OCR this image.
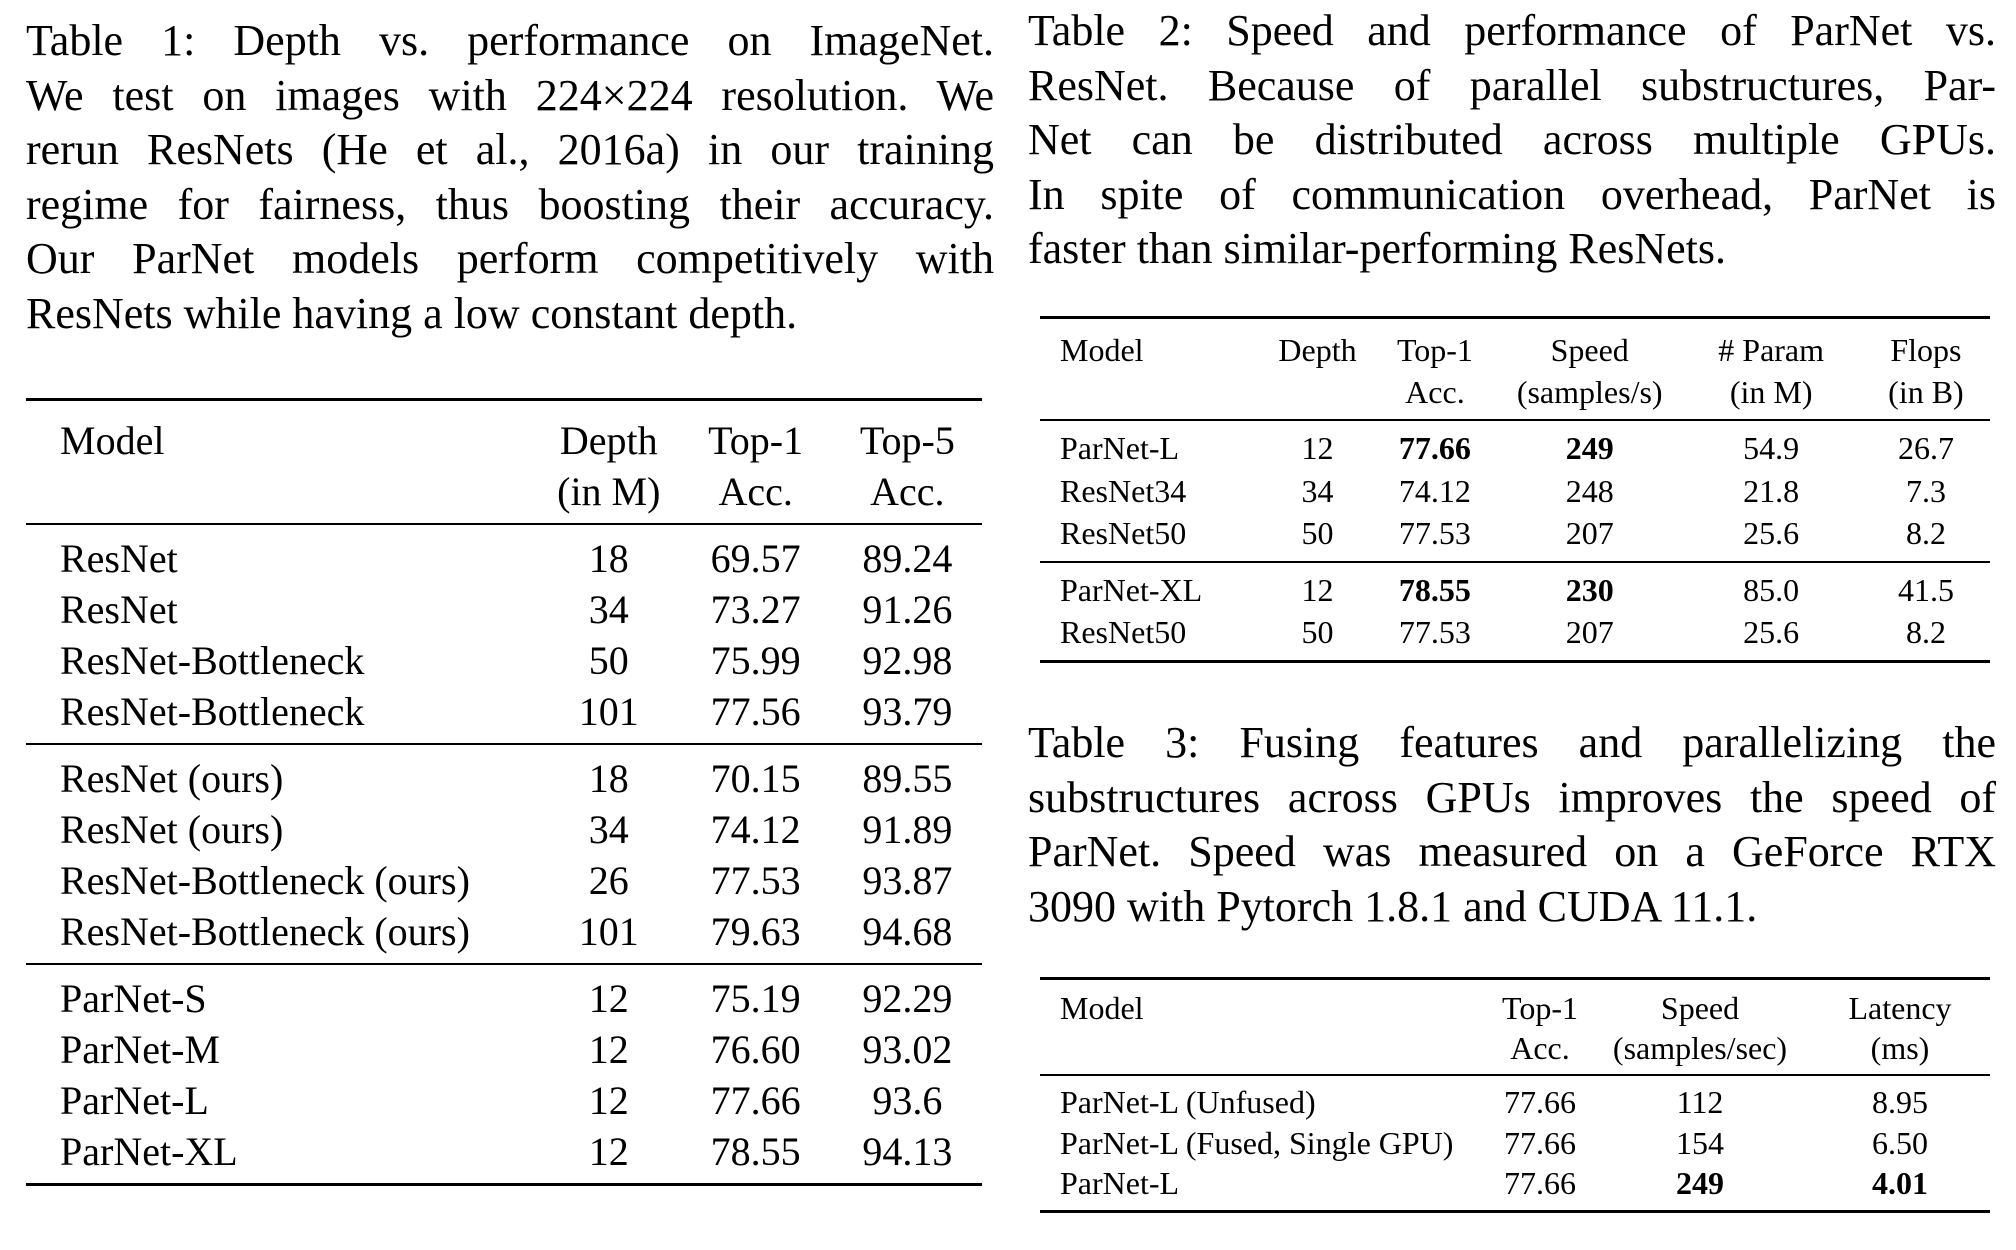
Table 1: Depth vs. performance on ImageNet.
We test on images with 224×224 resolution. We
rerun ResNets (He et al., 2016a) in our training
regime for fairness, thus boosting their accuracy.
Our ParNet models perform competitively with
ResNets while having a low constant depth.
Model	Depth	Top-1	Top-5
	(in M)	Acc.	Acc.
ResNet	18	69.57	89.24
ResNet	34	73.27	91.26
ResNet-Bottleneck	50	75.99	92.98
ResNet-Bottleneck	101	77.56	93.79
ResNet (ours)	18	70.15	89.55
ResNet (ours)	34	74.12	91.89
ResNet-Bottleneck (ours)	26	77.53	93.87
ResNet-Bottleneck (ours)	101	79.63	94.68
ParNet-S	12	75.19	92.29
ParNet-M	12	76.60	93.02
ParNet-L	12	77.66	93.6
ParNet-XL	12	78.55	94.13
Table 2: Speed and performance of ParNet vs.
ResNet. Because of parallel substructures, Par-
Net can be distributed across multiple GPUs.
In spite of communication overhead, ParNet is
faster than similar-performing ResNets.
Model	Depth	Top-1	Speed	# Param	Flops
		Acc.	(samples/s)	(in M)	(in B)
ParNet-L	12	77.66	249	54.9	26.7
ResNet34	34	74.12	248	21.8	7.3
ResNet50	50	77.53	207	25.6	8.2
ParNet-XL	12	78.55	230	85.0	41.5
ResNet50	50	77.53	207	25.6	8.2
Table 3: Fusing features and parallelizing the
substructures across GPUs improves the speed of
ParNet. Speed was measured on a GeForce RTX
3090 with Pytorch 1.8.1 and CUDA 11.1.
Model	Top-1	Speed	Latency
	Acc.	(samples/sec)	(ms)
ParNet-L (Unfused)	77.66	112	8.95
ParNet-L (Fused, Single GPU)	77.66	154	6.50
ParNet-L	77.66	249	4.01
